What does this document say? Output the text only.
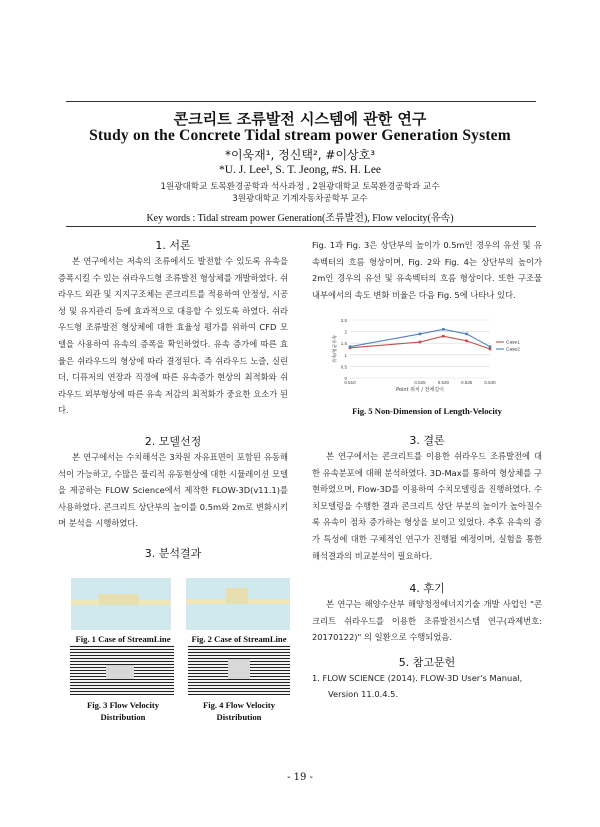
콘크리트 조류발전 시스템에 관한 연구
Study on the Concrete Tidal stream power Generation System
*이욱재¹, 정신택², #이상호³
*U. J. Lee¹, S. T. Jeong, #S. H. Lee
1원광대학교 토목환경공학과 석사과정 , 2원광대학교 토목환경공학과 교수
3원광대학교 기계자동차공학부 교수
Key words : Tidal stream power Generation(조류발전), Flow velocity(유속)
1. 서론

본 연구에서는 저속의 조류에서도 발전할 수 있도록 유속을 증폭시킬 수 있는 쉬라우드형 조류발전 형상체를 개발하였다. 쉬라우드 외관 및 지지구조체는 콘크리트를 적용하여 안정성, 시공성 및 유지관리 등에 효과적으로 대응할 수 있도록 하였다. 쉬라우드형 조류발전 형상체에 대한 효율성 평가를 위하여 CFD 모델을 사용하여 유속의 증폭을 확인하였다. 유속 증가에 따른 효율은 쉬라우드의 형상에 따라 결정된다. 즉 쉬라우드 노즐, 실린더, 디퓨저의 연장과 직경에 따른 유속증가 현상의 최적화와 쉬라우드 외부형상에 따른 유속 저감의 최적화가 중요한 요소가 된다.

2. 모델선정

본 연구에서는 수치해석은 3차원 자유표면이 포함된 유동해석이 가능하고, 수많은 물리적 유동현상에 대한 시뮬레이션 모델을 제공하는 FLOW Science에서 제작한 FLOW-3D(v11.1)를 사용하였다. 콘크리트 상단부의 높이를 0.5m와 2m로 변화시키며 분석을 시행하였다.

3. 분석결과
Fig. 1 Case of StreamLine	Fig. 2 Case of StreamLine
Fig. 3 Flow Velocity
Distribution
Fig. 4 Flow Velocity
Distribution

Fig. 1과 Fig. 3은 상단부의 높이가 0.5m인 경우의 유선 및 유속벡터의 흐름 형상이며, Fig. 2와 Fig. 4는 상단부의 높이가 2m인 경우의 유선 및 유속벡터의 흐름 형상이다. 또한 구조물 내부에서의 속도 변화 비율은 다음 Fig. 5에 나타나 있다.

0
0.5
1
1.5
2
2.5
0.510	0.525	0.530	0.535	0.540
Point 위치 / 전체길이
유속/평균유속	Case1
Case2
Fig. 5 Non-Dimension of Length-Velocity
3. 결론

본 연구에서는 콘크리트를 이용한 쉬라우드 조류발전에 대한 유속분포에 대해 분석하였다. 3D-Max를 통하여 형상체를 구현하였으며, Flow-3D를 이용하여 수치모델링을 진행하였다. 수치모델링을 수행한 결과 콘크리트 상단 부분의 높이가 높아질수록 유속이 점차 증가하는 형상을 보이고 있었다. 추후 유속의 증가 특성에 대한 구체적인 연구가 진행될 예정이며, 실험을 통한 해석결과의 비교분석이 필요하다.

4. 후기

본 연구는 해양수산부 해양청정에너지기술 개발 사업인 "콘크리트 쉬라우드를 이용한 조류발전시스템 연구(과제번호: 20170122)" 의 일환으로 수행되었음.

5. 참고문헌
1. FLOW SCIENCE (2014). FLOW-3D User's Manual,
Version 11.0.4.5.
- 19 -
